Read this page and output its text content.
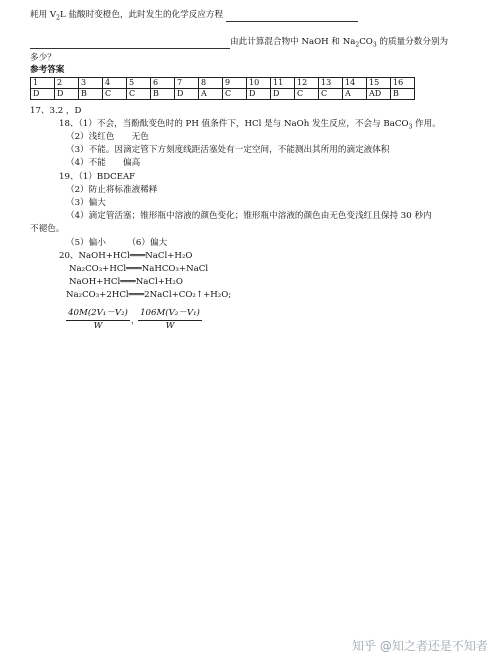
耗用 $V_2L$ 盐酸时变橙色，此时发生的化学反应方程
由此计算混合物中 NaOH 和 $Na_2CO_3$ 的质量分数分别为
多少？
参考答案
1	2	3	4	5	6	7	8	9	10	11	12	13	14	15	16
D	D	B	C	C	B	D	A	C	D	D	C	C	A	AD	B
17、3.2 ，D
18、（1）不会，当酚酞变色时的 PH 值条件下，HCl 是与 NaOh 发生反应，不会与 BaCO$_3$ 作用。
（2）浅红色　　无色
（3）不能。因滴定管下方刻度线距活塞处有一定空间，不能测出其所用的滴定液体积
（4）不能　　偏高
19、（1）BDCEAF
（2）防止将标准液稀释
（3）偏大
（4）滴定管活塞；锥形瓶中溶液的颜色变化；锥形瓶中溶液的颜色由无色变浅红且保持 30 秒内
不褪色。
（5）偏小　　　（6）偏大
20、NaOH+HCl═══NaCl+H₂O
Na₂CO₃+HCl═══NaHCO₃+NaCl
NaOH+HCl═══NaCl+H₂O
Na₂CO₃+2HCl═══2NaCl+CO₂↑+H₂O;
40M(2V₁－V₂)
W	，
106M(V₂－V₁)
W
知乎 @知之者还是不知者
